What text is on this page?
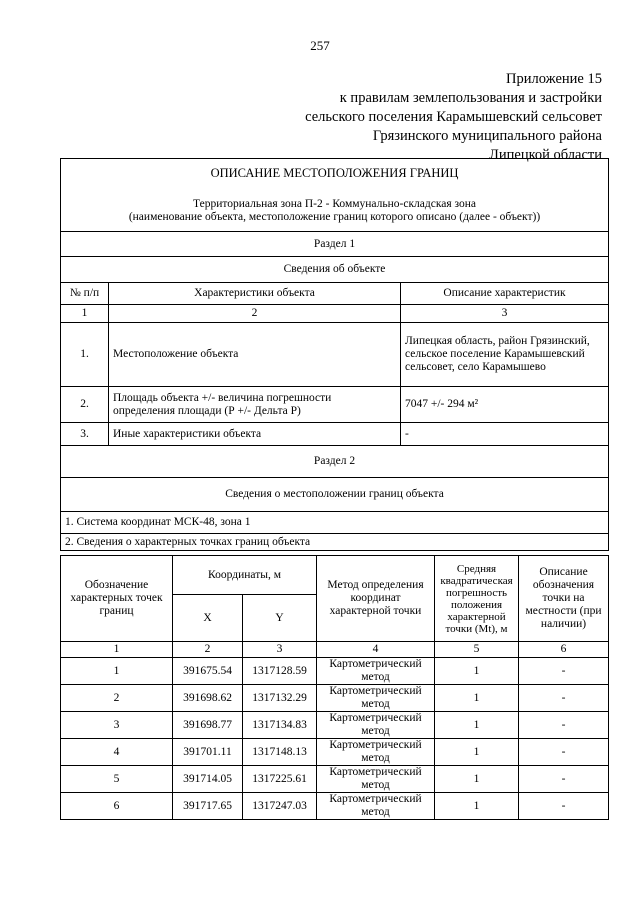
257
Приложение 15
к правилам землепользования и застройки
сельского поселения Карамышевский сельсовет
Грязинского муниципального района
Липецкой области
ОПИСАНИЕ МЕСТОПОЛОЖЕНИЯ ГРАНИЦ
Территориальная зона П-2 - Коммунально-складская зона
(наименование объекта, местоположение границ которого описано (далее - объект))		

Раздел 1		
Сведения об объекте		
№ п/п	Характеристики объекта	Описание характеристик
1	2	3
1.	Местоположение объекта	Липецкая область, район Грязинский, сельское поселение Карамышевский сельсовет, село Карамышево
2.	Площадь объекта +/- величина погрешности определения площади (Р +/- Дельта Р)	7047 +/- 294 м²
3.	Иные характеристики объекта	-
Раздел 2		
Сведения о местоположении границ объекта		
1. Система координат МСК-48, зона 1		
2. Сведения о характерных точках границ объекта		
Обозначение характерных точек границ	Координаты, м		Метод определения координат характерной точки	Средняя квадратическая погрешность положения характерной точки (Mt), м	Описание обозначения точки на местности (при наличии)
	X	Y			
1	2	3	4	5	6
1	391675.54	1317128.59	Картометрический метод	1	-
2	391698.62	1317132.29	Картометрический метод	1	-
3	391698.77	1317134.83	Картометрический метод	1	-
4	391701.11	1317148.13	Картометрический метод	1	-
5	391714.05	1317225.61	Картометрический метод	1	-
6	391717.65	1317247.03	Картометрический метод	1	-
